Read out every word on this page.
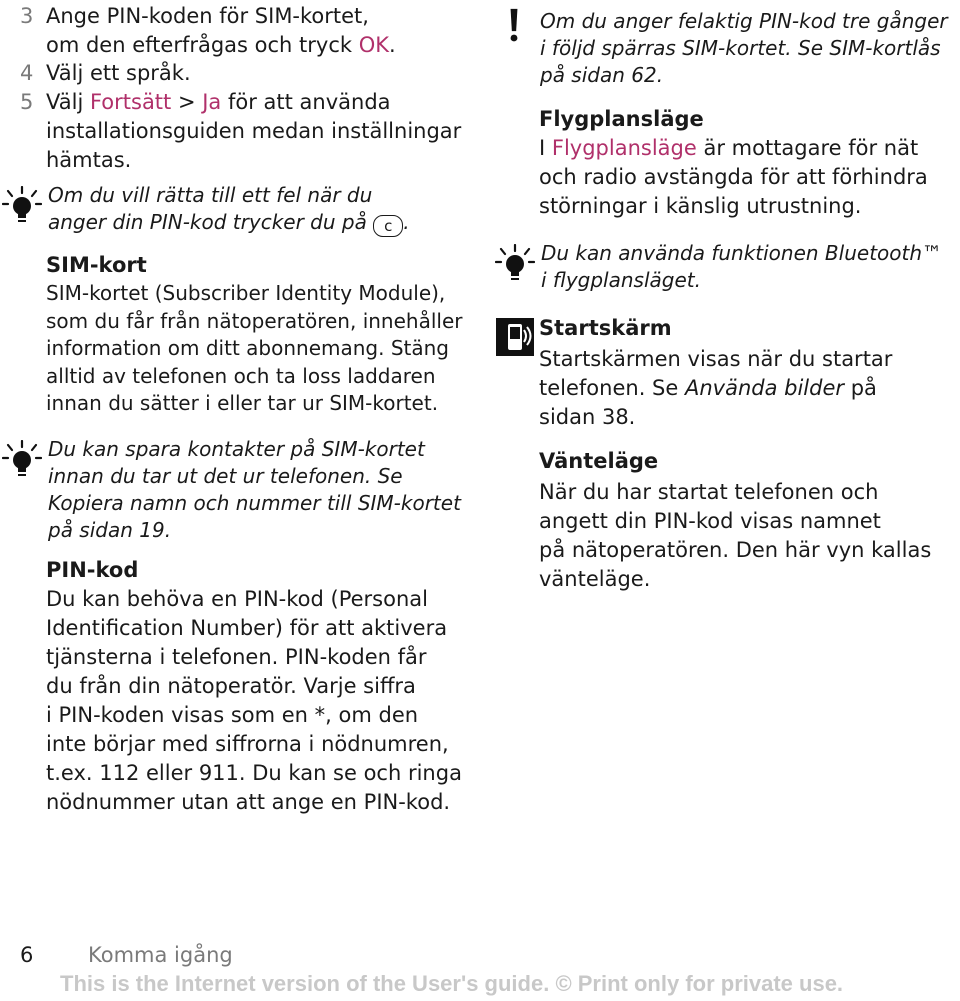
3 Ange PIN-koden för SIM-kortet,
om den efterfrågas och tryck OK.
4 Välj ett språk.
5 Välj Fortsätt > Ja för att använda
installationsguiden medan inställningar
hämtas.
Om du vill rätta till ett fel när du
anger din PIN-kod trycker du på c .
SIM-kort

SIM-kortet (Subscriber Identity Module),
som du får från nätoperatören, innehåller
information om ditt abonnemang. Stäng
alltid av telefonen och ta loss laddaren
innan du sätter i eller tar ur SIM-kortet.

Du kan spara kontakter på SIM-kortet
innan du tar ut det ur telefonen. Se
Kopiera namn och nummer till SIM-kortet
på sidan 19.
PIN-kod

Du kan behöva en PIN-kod (Personal
Identification Number) för att aktivera
tjänsterna i telefonen. PIN-koden får
du från din nätoperatör. Varje siffra
i PIN-koden visas som en *, om den
inte börjar med siffrorna i nödnumren,
t.ex. 112 eller 911. Du kan se och ringa
nödnummer utan att ange en PIN-kod.

Om du anger felaktig PIN-kod tre gånger
i följd spärras SIM-kortet. Se SIM-kortlås
på sidan 62.
Flygplansläge

I Flygplansläge är mottagare för nät
och radio avstängda för att förhindra
störningar i känslig utrustning.

Du kan använda funktionen Bluetooth™
i flygplansläget.
Startskärm

Startskärmen visas när du startar
telefonen. Se Använda bilder på
sidan 38.

Vänteläge

När du har startat telefonen och
angett din PIN-kod visas namnet
på nätoperatören. Den här vyn kallas
vänteläge.

6	Komma igång
This is the Internet version of the User's guide. © Print only for private use.
